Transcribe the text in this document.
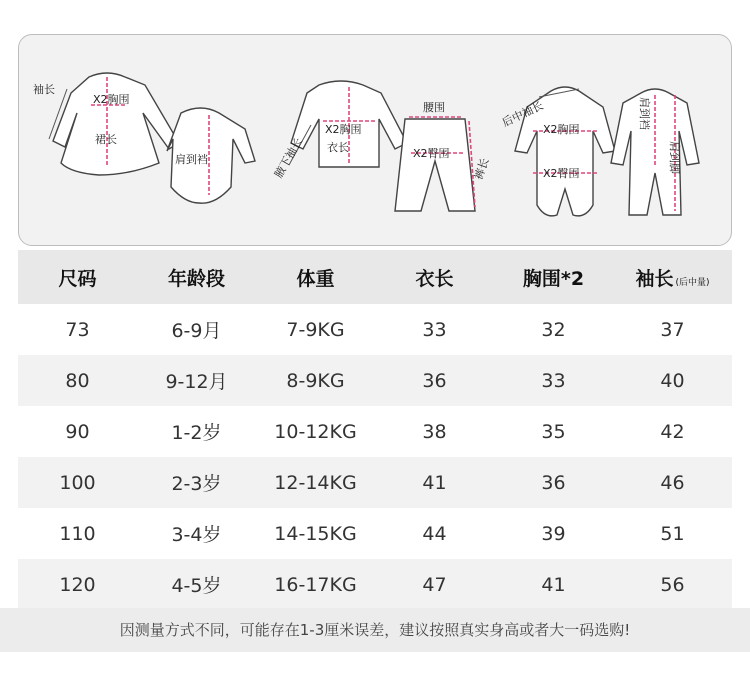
袖长
X2胸围
裙长
肩到裆
X2胸围
衣长
腋下袖长
腰围
X2臀围
裤长
后中袖长
X2胸围
X2臀围
肩到裆
肩到脚
尺码	年龄段	体重	衣长	胸围*2	袖长 (后中量)
73	6-9月	7-9KG	33	32	37
80	9-12月	8-9KG	36	33	40
90	1-2岁	10-12KG	38	35	42
100	2-3岁	12-14KG	41	36	46
110	3-4岁	14-15KG	44	39	51
120	4-5岁	16-17KG	47	41	56
因测量方式不同，可能存在1-3厘米误差，建议按照真实身高或者大一码选购!
